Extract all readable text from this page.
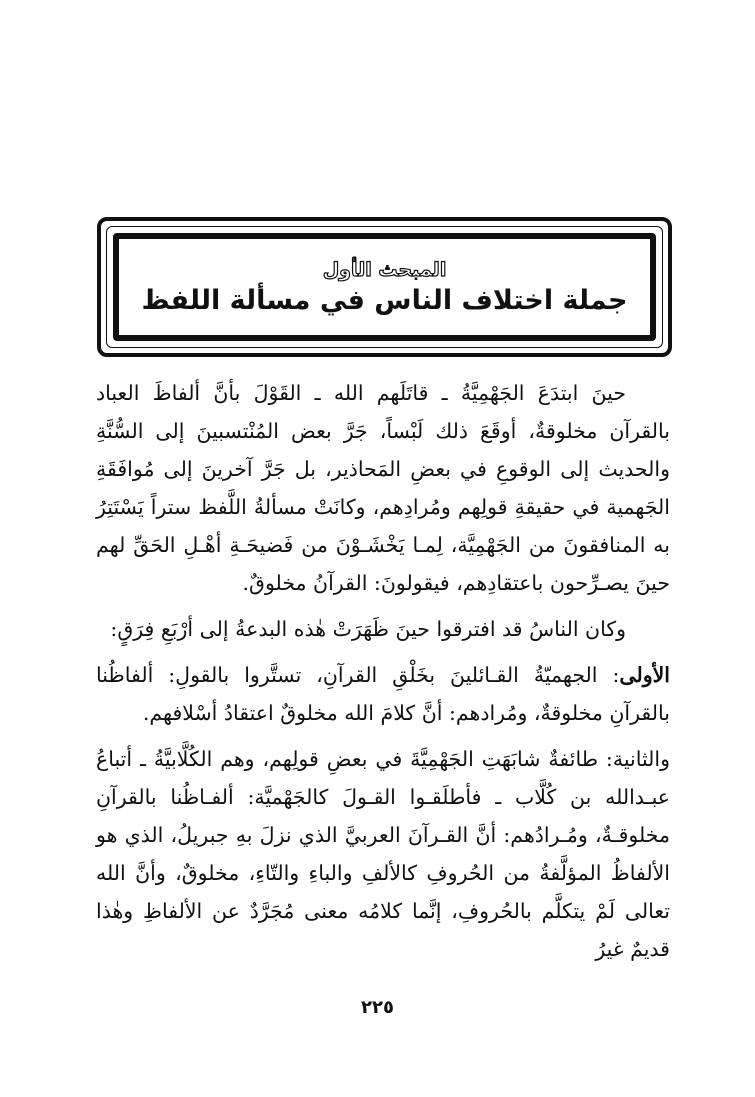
المبحث الأول
جملة اختلاف الناس في مسألة اللفظ

حينَ ابتدَعَ الجَهْمِيَّةُ ـ قاتَلَهم الله ـ القَوْلَ بأنَّ ألفاظَ العباد بالقرآن مخلوقةٌ، أوقَعَ ذلك لَبْساً، جَرَّ بعض المُنْتسبينَ إلى السُّنَّةِ والحديث إلى الوقوعِ في بعضِ المَحاذير، بل جَرَّ آخرينَ إلى مُوافَقَةِ الجَهمية في حقيقةِ قولِهم ومُرادِهم، وكانَتْ مسألةُ اللَّفظ ستراً يَسْتَتِرُ به المنافقونَ من الجَهْمِيَّة، لِمـا يَخْشَـوْنَ من فَضيحَـةِ أهْـلِ الحَقِّ لهم حينَ يصـرِّحون باعتقادِهم، فيقولونَ: القرآنُ مخلوقٌ.

وكان الناسُ قد افترقوا حينَ ظَهَرَتْ هٰذه البدعةُ إلى أرْبَعِ فِرَقٍ:

الأولى: الجهميّةُ القـائلينَ بخَلْقِ القرآنِ، تستَّروا بالقولِ: ألفاظُنا بالقرآنِ مخلوقةٌ، ومُرادهم: أنَّ كلامَ الله مخلوقٌ اعتقادُ أسْلافهم.

والثانية: طائفةٌ شابَهَتِ الجَهْمِيَّةَ في بعضِ قولِهم، وهم الكُلَّابيَّةُ ـ أتباعُ عبـدالله بن كُلَّاب ـ فأطلَقـوا القـولَ كالجَهْميَّة: ألفـاظُنا بالقرآنِ مخلوقـةٌ، ومُـرادُهم: أنَّ القـرآنَ العربيَّ الذي نزلَ بهِ جبريلُ، الذي هو الألفاظُ المؤلَّفةُ من الحُروفِ كالألفِ والباءِ والتّاءِ، مخلوقٌ، وأنَّ الله تعالى لَمْ يتكلَّم بالحُروفِ، إنَّما كلامُه معنى مُجَرَّدٌ عن الألفاظِ وهٰذا قديمٌ غيرُ

٢٢٥
